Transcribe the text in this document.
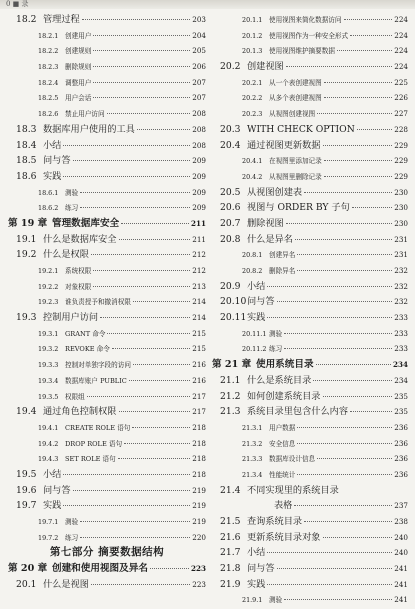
0 ■ 录
18.2 管理过程	203
18.2.1	创建用户	204
18.2.2	创建规则	205
18.2.3	删除规则	206
18.2.4	调整用户	207
18.2.5	用户会话	207
18.2.6	禁止用户访问	208
18.3 数据库用户使用的工具	208
18.4 小结	208
18.5 问与答	209
18.6 实践	209
18.6.1	测验	209
18.6.2	练习	209
第 19 章 管理数据库安全	211
19.1 什么是数据库安全	211
19.2 什么是权限	212
19.2.1	系统权限	212
19.2.2	对象权限	213
19.2.3	谁负责授予和撤消权限	214
19.3 控制用户访问	214
19.3.1	GRANT 命令	215
19.3.2	REVOKE 命令	215
19.3.3	控制对单独字段的访问	216
19.3.4	数据库账户 PUBLIC	216
19.3.5	权限组	217
19.4 通过角色控制权限	217
19.4.1	CREATE ROLE 语句	218
19.4.2	DROP ROLE 语句	218
19.4.3	SET ROLE 语句	218
19.5 小结	218
19.6 问与答	219
19.7 实践	219
19.7.1	测验	219
19.7.2	练习	220
第七部分 摘要数据结构
第 20 章 创建和使用视图及异名	223
20.1 什么是视图	223
20.1.1	使用视图来简化数据访问	224
20.1.2	使用视图作为一种安全形式	224
20.1.3	使用视图维护摘要数据	224
20.2 创建视图	224
20.2.1	从一个表创建视图	225
20.2.2	从多个表创建视图	226
20.2.3	从视图创建视图	227
20.3 WITH CHECK OPTION	228
20.4 通过视图更新数据	229
20.4.1	在视图里添加记录	229
20.4.2	从视图里删除记录	229
20.5 从视图创建表	230
20.6 视图与 ORDER BY 子句	230
20.7 删除视图	230
20.8 什么是异名	231
20.8.1	创建异名	231
20.8.2	删除异名	232
20.9 小结	232
20.10 问与答	232
20.11 实践	233
20.11.1 测验	233
20.11.2 练习	233
第 21 章 使用系统目录	234
21.1 什么是系统目录	234
21.2 如何创建系统目录	235
21.3 系统目录里包含什么内容	235
21.3.1	用户数据	236
21.3.2	安全信息	236
21.3.3	数据库设计信息	236
21.3.4	性能统计	236
21.4 不同实现里的系统目录
表格	237
21.5 查询系统目录	238
21.6 更新系统目录对象	240
21.7 小结	240
21.8 问与答	241
21.9 实践	241
21.9.1	测验	241
